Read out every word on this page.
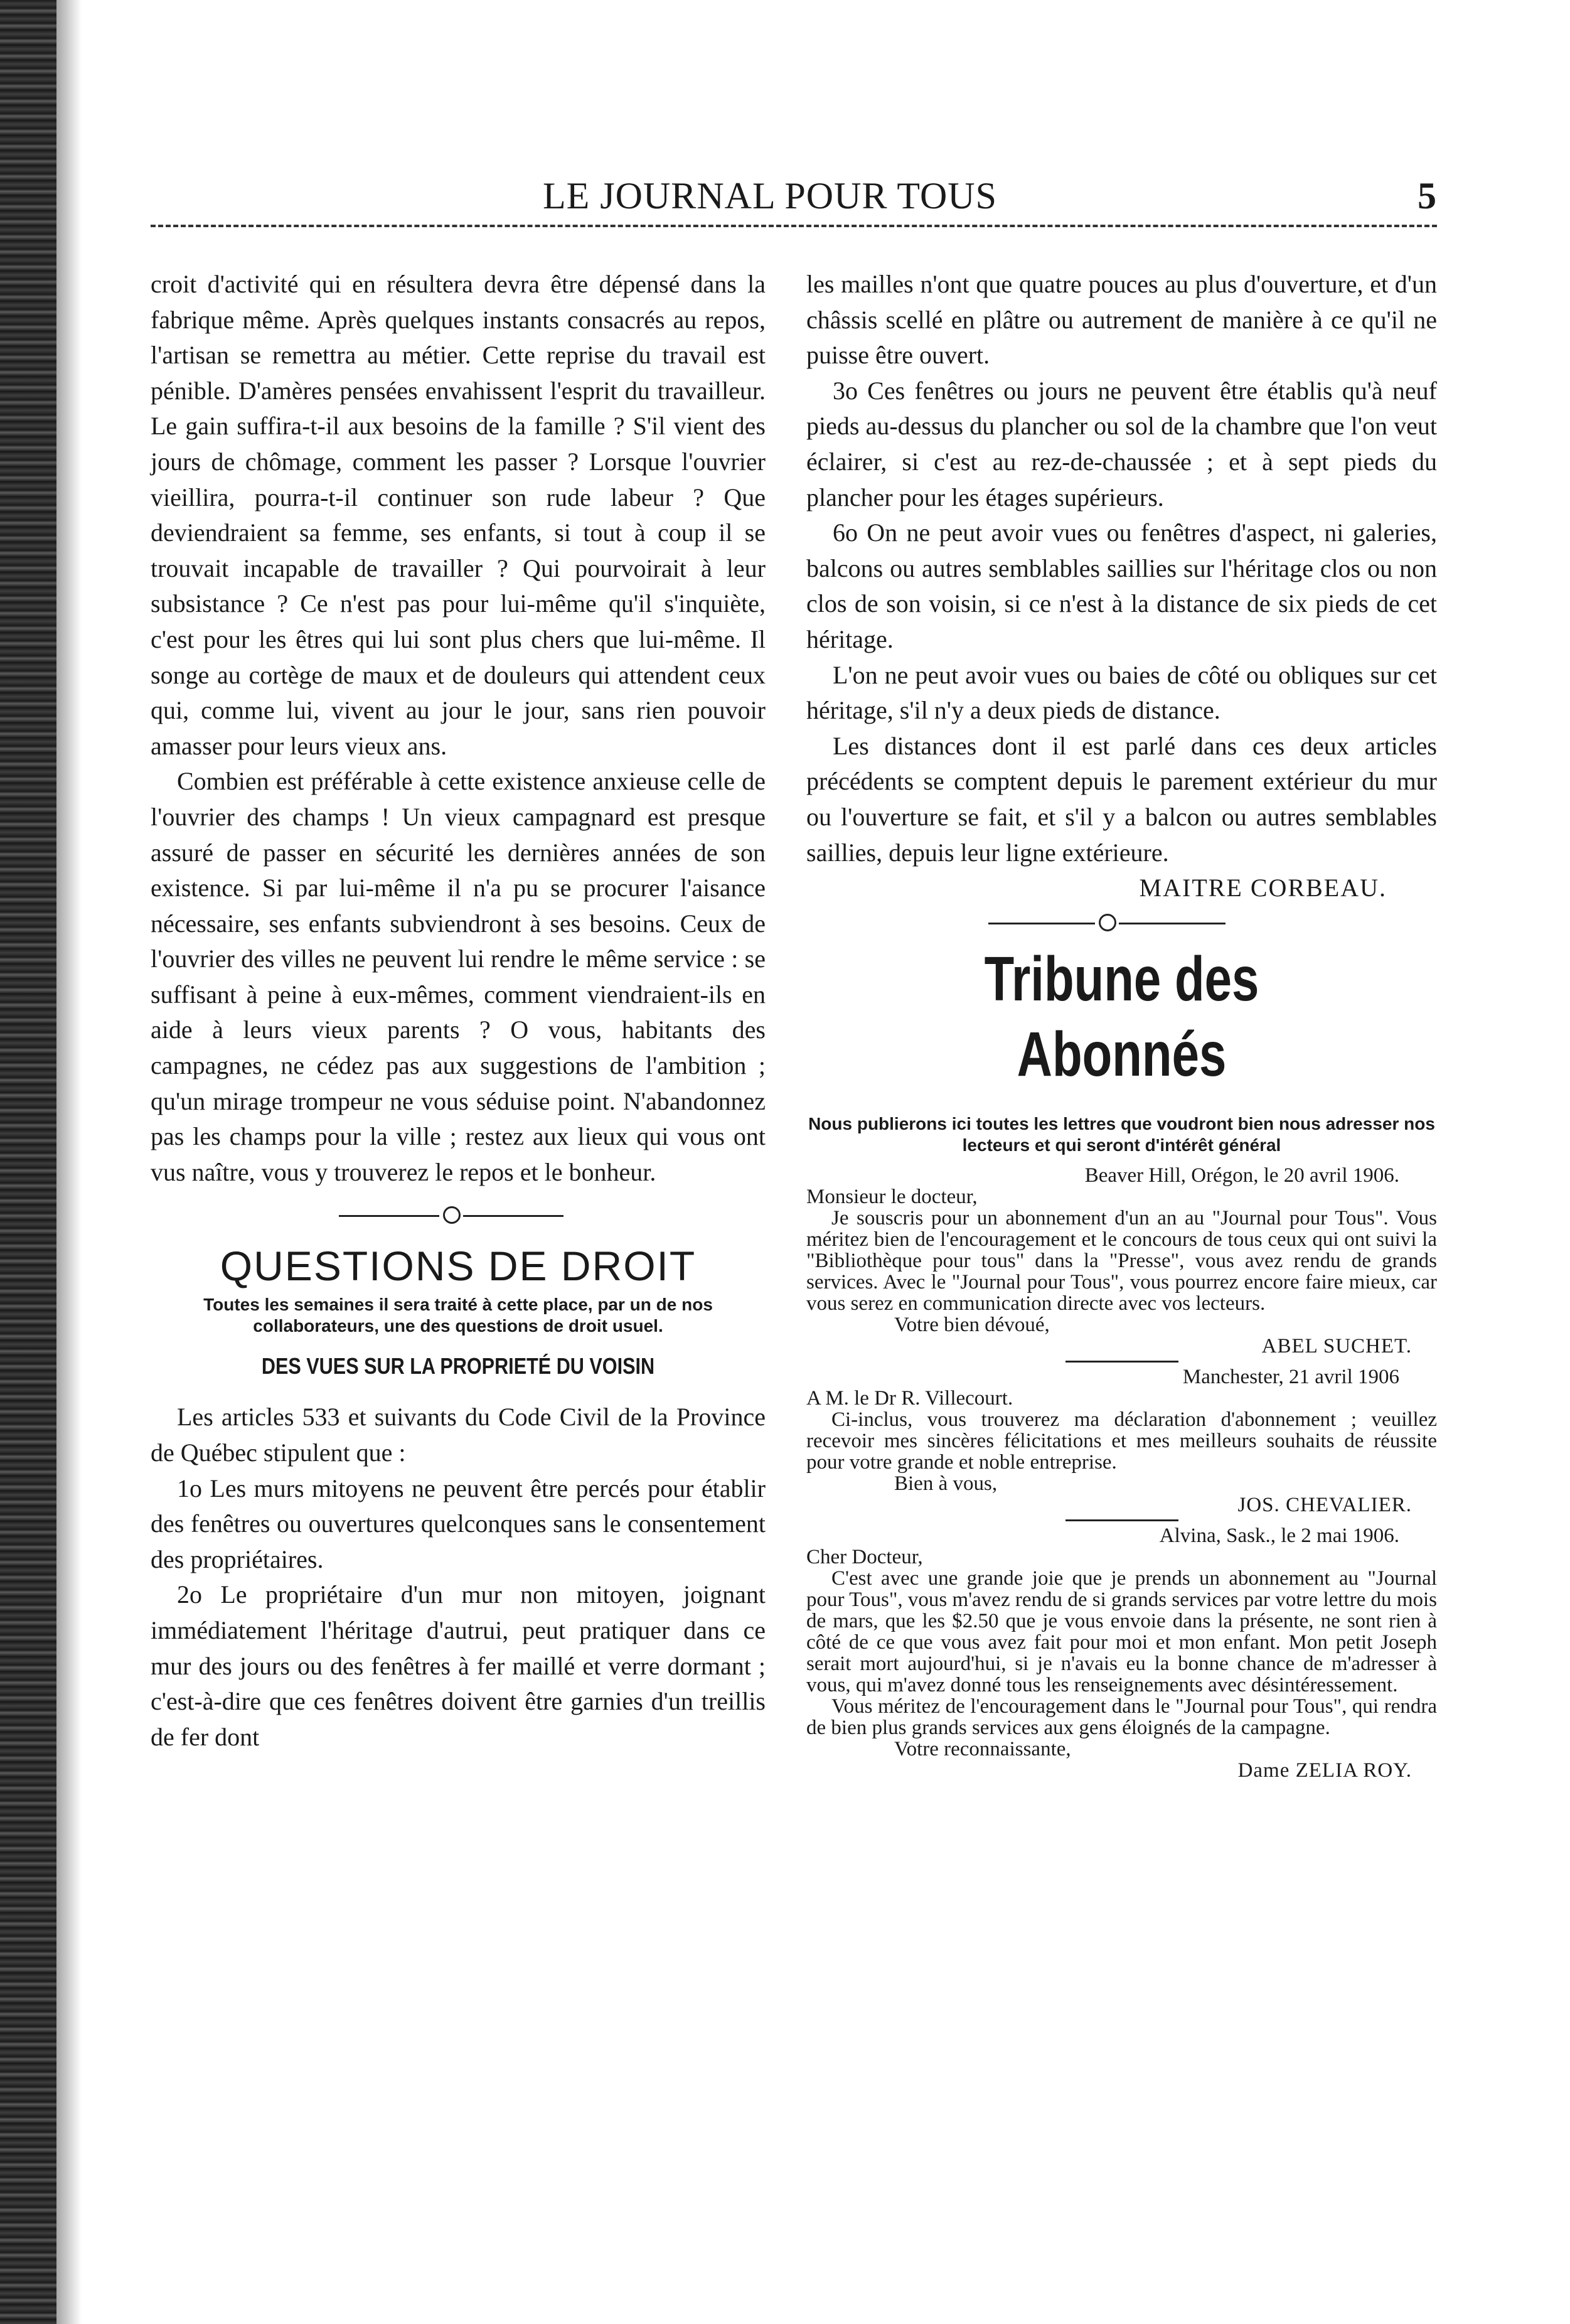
LE JOURNAL POUR TOUS	5

croit d'activité qui en résultera devra être dépensé dans la fabrique même. Après quelques instants consacrés au repos, l'artisan se remettra au métier. Cette reprise du travail est pénible. D'amères pensées envahissent l'esprit du travailleur. Le gain suffira-t-il aux besoins de la famille ? S'il vient des jours de chômage, comment les passer ? Lorsque l'ouvrier vieillira, pourra-t-il continuer son rude labeur ? Que deviendraient sa femme, ses enfants, si tout à coup il se trouvait incapable de travailler ? Qui pourvoirait à leur subsistance ? Ce n'est pas pour lui-même qu'il s'inquiète, c'est pour les êtres qui lui sont plus chers que lui-même. Il songe au cortège de maux et de douleurs qui attendent ceux qui, comme lui, vivent au jour le jour, sans rien pouvoir amasser pour leurs vieux ans.

Combien est préférable à cette existence anxieuse celle de l'ouvrier des champs ! Un vieux campagnard est presque assuré de passer en sécurité les dernières années de son existence. Si par lui-même il n'a pu se procurer l'aisance nécessaire, ses enfants subviendront à ses besoins. Ceux de l'ouvrier des villes ne peuvent lui rendre le même service : se suffisant à peine à eux-mêmes, comment viendraient-ils en aide à leurs vieux parents ? O vous, habitants des campagnes, ne cédez pas aux suggestions de l'ambition ; qu'un mirage trompeur ne vous séduise point. N'abandonnez pas les champs pour la ville ; restez aux lieux qui vous ont vus naître, vous y trouverez le repos et le bonheur.

QUESTIONS DE DROIT
Toutes les semaines il sera traité à cette place, par un de nos collaborateurs, une des questions de droit usuel.
DES VUES SUR LA PROPRIETÉ DU VOISIN

Les articles 533 et suivants du Code Civil de la Province de Québec stipulent que :

1o Les murs mitoyens ne peuvent être percés pour établir des fenêtres ou ouvertures quelconques sans le consentement des propriétaires.

2o Le propriétaire d'un mur non mitoyen, joignant immédiatement l'héritage d'autrui, peut pratiquer dans ce mur des jours ou des fenêtres à fer maillé et verre dormant ; c'est-à-dire que ces fenêtres doivent être garnies d'un treillis de fer dont

les mailles n'ont que quatre pouces au plus d'ouverture, et d'un châssis scellé en plâtre ou autrement de manière à ce qu'il ne puisse être ouvert.

3o Ces fenêtres ou jours ne peuvent être établis qu'à neuf pieds au-dessus du plancher ou sol de la chambre que l'on veut éclairer, si c'est au rez-de-chaussée ; et à sept pieds du plancher pour les étages supérieurs.

6o On ne peut avoir vues ou fenêtres d'aspect, ni galeries, balcons ou autres semblables saillies sur l'héritage clos ou non clos de son voisin, si ce n'est à la distance de six pieds de cet héritage.

L'on ne peut avoir vues ou baies de côté ou obliques sur cet héritage, s'il n'y a deux pieds de distance.

Les distances dont il est parlé dans ces deux articles précédents se comptent depuis le parement extérieur du mur ou l'ouverture se fait, et s'il y a balcon ou autres semblables saillies, depuis leur ligne extérieure.

MAITRE CORBEAU.

Tribune des Abonnés
Nous publierons ici toutes les lettres que voudront bien nous adresser nos lecteurs et qui seront d'intérêt général
Beaver Hill, Orégon, le 20 avril 1906.
Monsieur le docteur,
Je souscris pour un abonnement d'un an au "Journal pour Tous". Vous méritez bien de l'encouragement et le concours de tous ceux qui ont suivi la "Bibliothèque pour tous" dans la "Presse", vous avez rendu de grands services. Avec le "Journal pour Tous", vous pourrez encore faire mieux, car vous serez en communication directe avec vos lecteurs.
Votre bien dévoué,
ABEL SUCHET.
Manchester, 21 avril 1906
A M. le Dr R. Villecourt.
Ci-inclus, vous trouverez ma déclaration d'abonnement ; veuillez recevoir mes sincères félicitations et mes meilleurs souhaits de réussite pour votre grande et noble entreprise.
Bien à vous,
JOS. CHEVALIER.
Alvina, Sask., le 2 mai 1906.
Cher Docteur,
C'est avec une grande joie que je prends un abonnement au "Journal pour Tous", vous m'avez rendu de si grands services par votre lettre du mois de mars, que les $2.50 que je vous envoie dans la présente, ne sont rien à côté de ce que vous avez fait pour moi et mon enfant. Mon petit Joseph serait mort aujourd'hui, si je n'avais eu la bonne chance de m'adresser à vous, qui m'avez donné tous les renseignements avec désintéressement.
Vous méritez de l'encouragement dans le "Journal pour Tous", qui rendra de bien plus grands services aux gens éloignés de la campagne.
Votre reconnaissante,
Dame ZELIA ROY.
